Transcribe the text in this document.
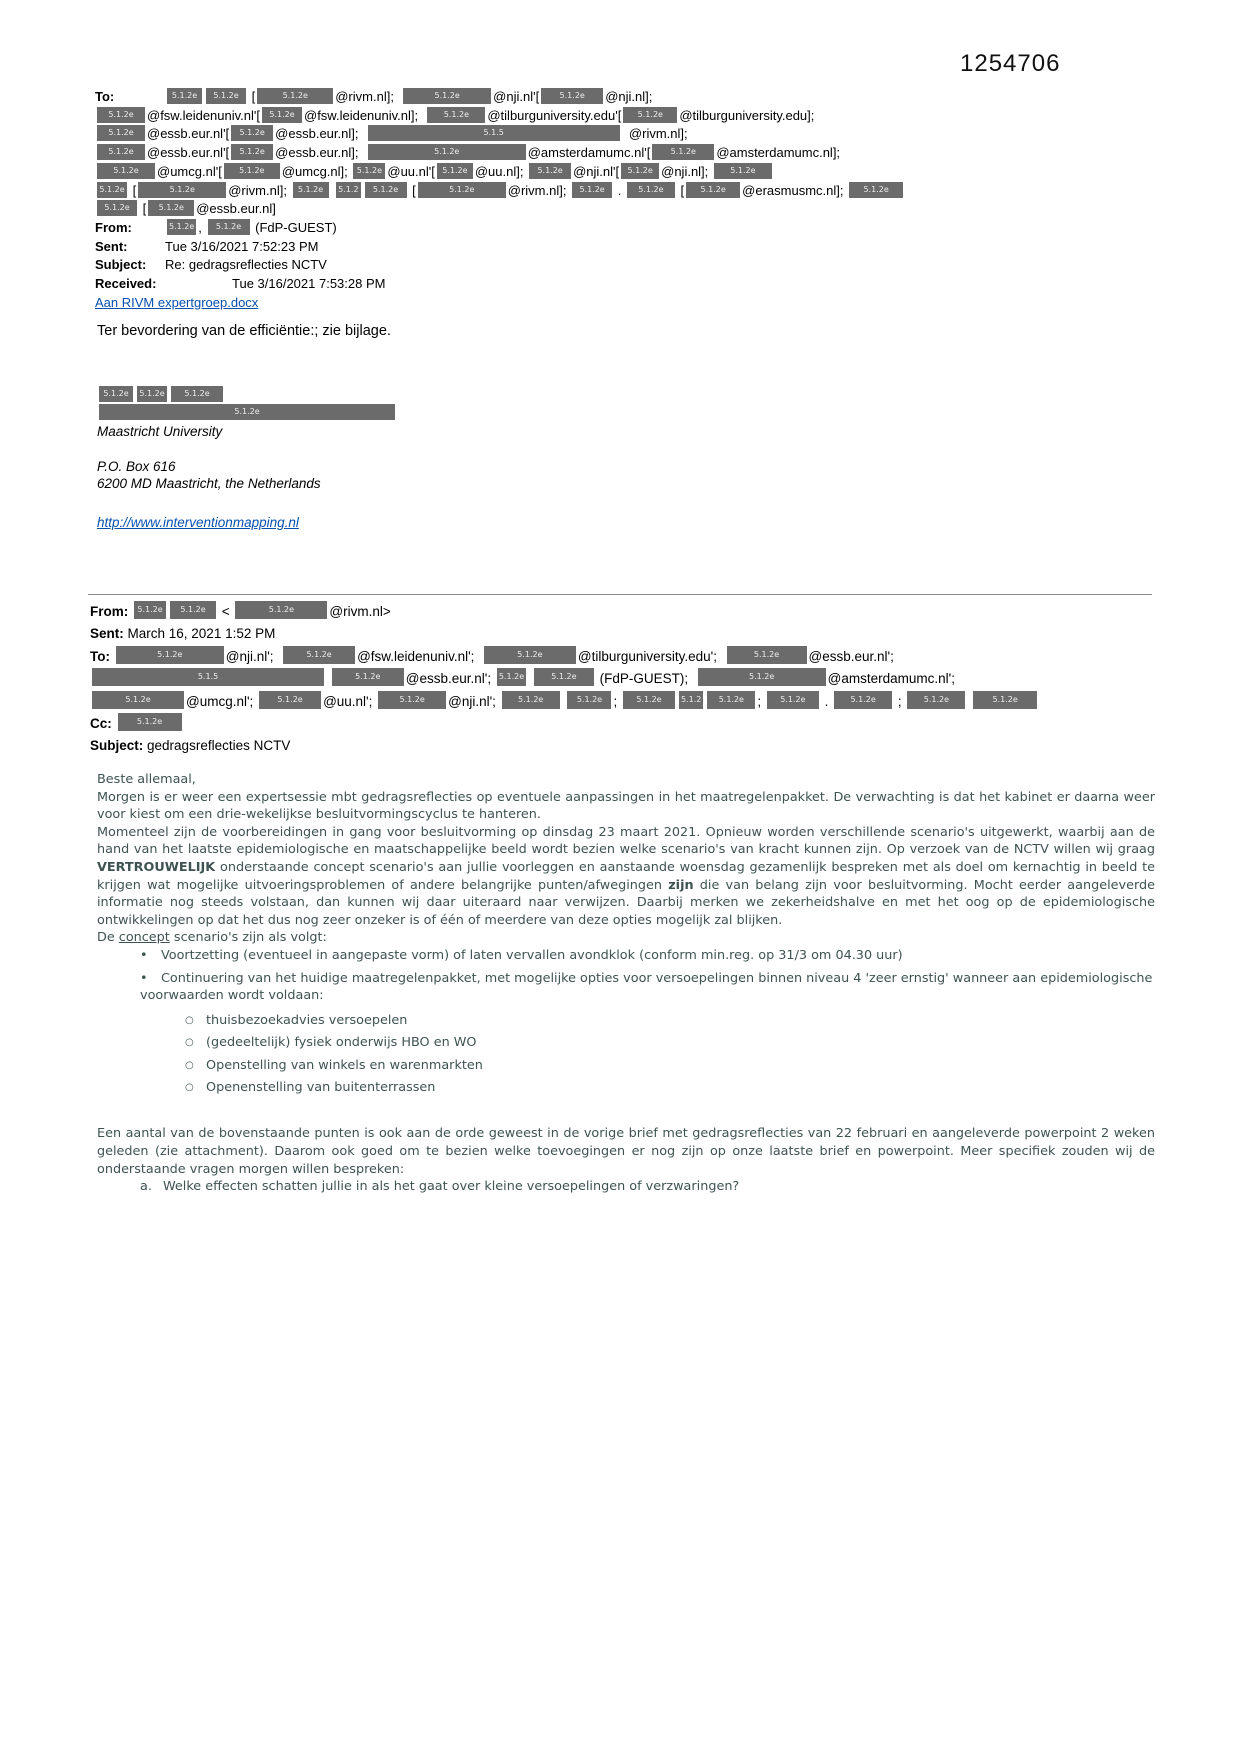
1254706
To:	5.1.2e 5.1.2e [	5.1.2e @rivm.nl];	5.1.2e	@nji.nl'[	5.1.2e @nji.nl];
5.1.2e @fsw.leidenuniv.nl'[ 5.1.2e @fsw.leidenuniv.nl];  5.1.2e @tilburguniversity.edu'[ 5.1.2e @tilburguniversity.edu];
5.1.2e @essb.eur.nl'[ 5.1.2e @essb.eur.nl];	5.1.5	@rivm.nl];
5.1.2e @essb.eur.nl'[ 5.1.2e @essb.eur.nl];	5.1.2e	@amsterdamumc.nl'[	5.1.2e @amsterdamumc.nl];
5.1.2e @umcg.nl'[ 5.1.2e @umcg.nl]; 5.1.2e @uu.nl'[ 5.1.2e @uu.nl]; 5.1.2e @nji.nl'[ 5.1.2e @nji.nl]; 5.1.2e
5.1.2e [	5.1.2e	@rivm.nl]; 5.1.2e 5.1.2 5.1.2e [	5.1.2e	@rivm.nl]; 5.1.2e . 5.1.2e [ 5.1.2e @erasmusmc.nl]; 5.1.2e
5.1.2e [ 5.1.2e @essb.eur.nl]
From:	5.1.2e , 5.1.2e (FdP-GUEST)
Sent:	Tue 3/16/2021 7:52:23 PM
Subject: Re: gedragsreflecties NCTV
Received:	Tue 3/16/2021 7:53:28 PM
Aan RIVM expertgroep.docx
Ter bevordering van de efficiëntie:; zie bijlage.
5.1.2e 5.1.2e 5.1.2e
5.1.2e
Maastricht University
P.O. Box 616
6200 MD Maastricht, the Netherlands
http://www.interventionmapping.nl
From: 5.1.2e 5.1.2e <	5.1.2e	@rivm.nl>
Sent: March 16, 2021 1:52 PM
To:	5.1.2e	@nji.nl';	5.1.2e @fsw.leidenuniv.nl';	5.1.2e	@tilburguniversity.edu';	5.1.2e @essb.eur.nl';
5.1.5	5.1.2e @essb.eur.nl'; 5.1.2e	5.1.2e (FdP-GUEST);	5.1.2e	@amsterdamumc.nl';
5.1.2e	@umcg.nl';	5.1.2e @uu.nl';	5.1.2e @nji.nl'; 5.1.2e	5.1.2e ; 5.1.2e 5.1.2 5.1.2e ; 5.1.2e . 5.1.2e ; 5.1.2e	5.1.2e
Cc:	5.1.2e
Subject: gedragsreflecties NCTV

Beste allemaal,

Morgen is er weer een expertsessie mbt gedragsreflecties op eventuele aanpassingen in het maatregelenpakket. De verwachting is dat het kabinet er daarna weer voor kiest om een drie-wekelijkse besluitvormingscyclus te hanteren.

Momenteel zijn de voorbereidingen in gang voor besluitvorming op dinsdag 23 maart 2021. Opnieuw worden verschillende scenario's uitgewerkt, waarbij aan de hand van het laatste epidemiologische en maatschappelijke beeld wordt bezien welke scenario's van kracht kunnen zijn. Op verzoek van de NCTV willen wij graag VERTROUWELIJK onderstaande concept scenario's aan jullie voorleggen en aanstaande woensdag gezamenlijk bespreken met als doel om kernachtig in beeld te krijgen wat mogelijke uitvoeringsproblemen of andere belangrijke punten/afwegingen zijn die van belang zijn voor besluitvorming. Mocht eerder aangeleverde informatie nog steeds volstaan, dan kunnen wij daar uiteraard naar verwijzen. Daarbij merken we zekerheidshalve en met het oog op de epidemiologische ontwikkelingen op dat het dus nog zeer onzeker is of één of meerdere van deze opties mogelijk zal blijken.

De concept scenario's zijn als volgt:

• Voortzetting (eventueel in aangepaste vorm) of laten vervallen avondklok (conform min.reg. op 31/3 om 04.30 uur)
• Continuering van het huidige maatregelenpakket, met mogelijke opties voor versoepelingen binnen niveau 4 'zeer ernstig' wanneer aan epidemiologische voorwaarden wordt voldaan:
○ thuisbezoekadvies versoepelen
○ (gedeeltelijk) fysiek onderwijs HBO en WO
○ Openstelling van winkels en warenmarkten
○ Openenstelling van buitenterrassen

Een aantal van de bovenstaande punten is ook aan de orde geweest in de vorige brief met gedragsreflecties van 22 februari en aangeleverde powerpoint 2 weken geleden (zie attachment). Daarom ook goed om te bezien welke toevoegingen er nog zijn op onze laatste brief en powerpoint. Meer specifiek zouden wij de onderstaande vragen morgen willen bespreken:

a. Welke effecten schatten jullie in als het gaat over kleine versoepelingen of verzwaringen?
